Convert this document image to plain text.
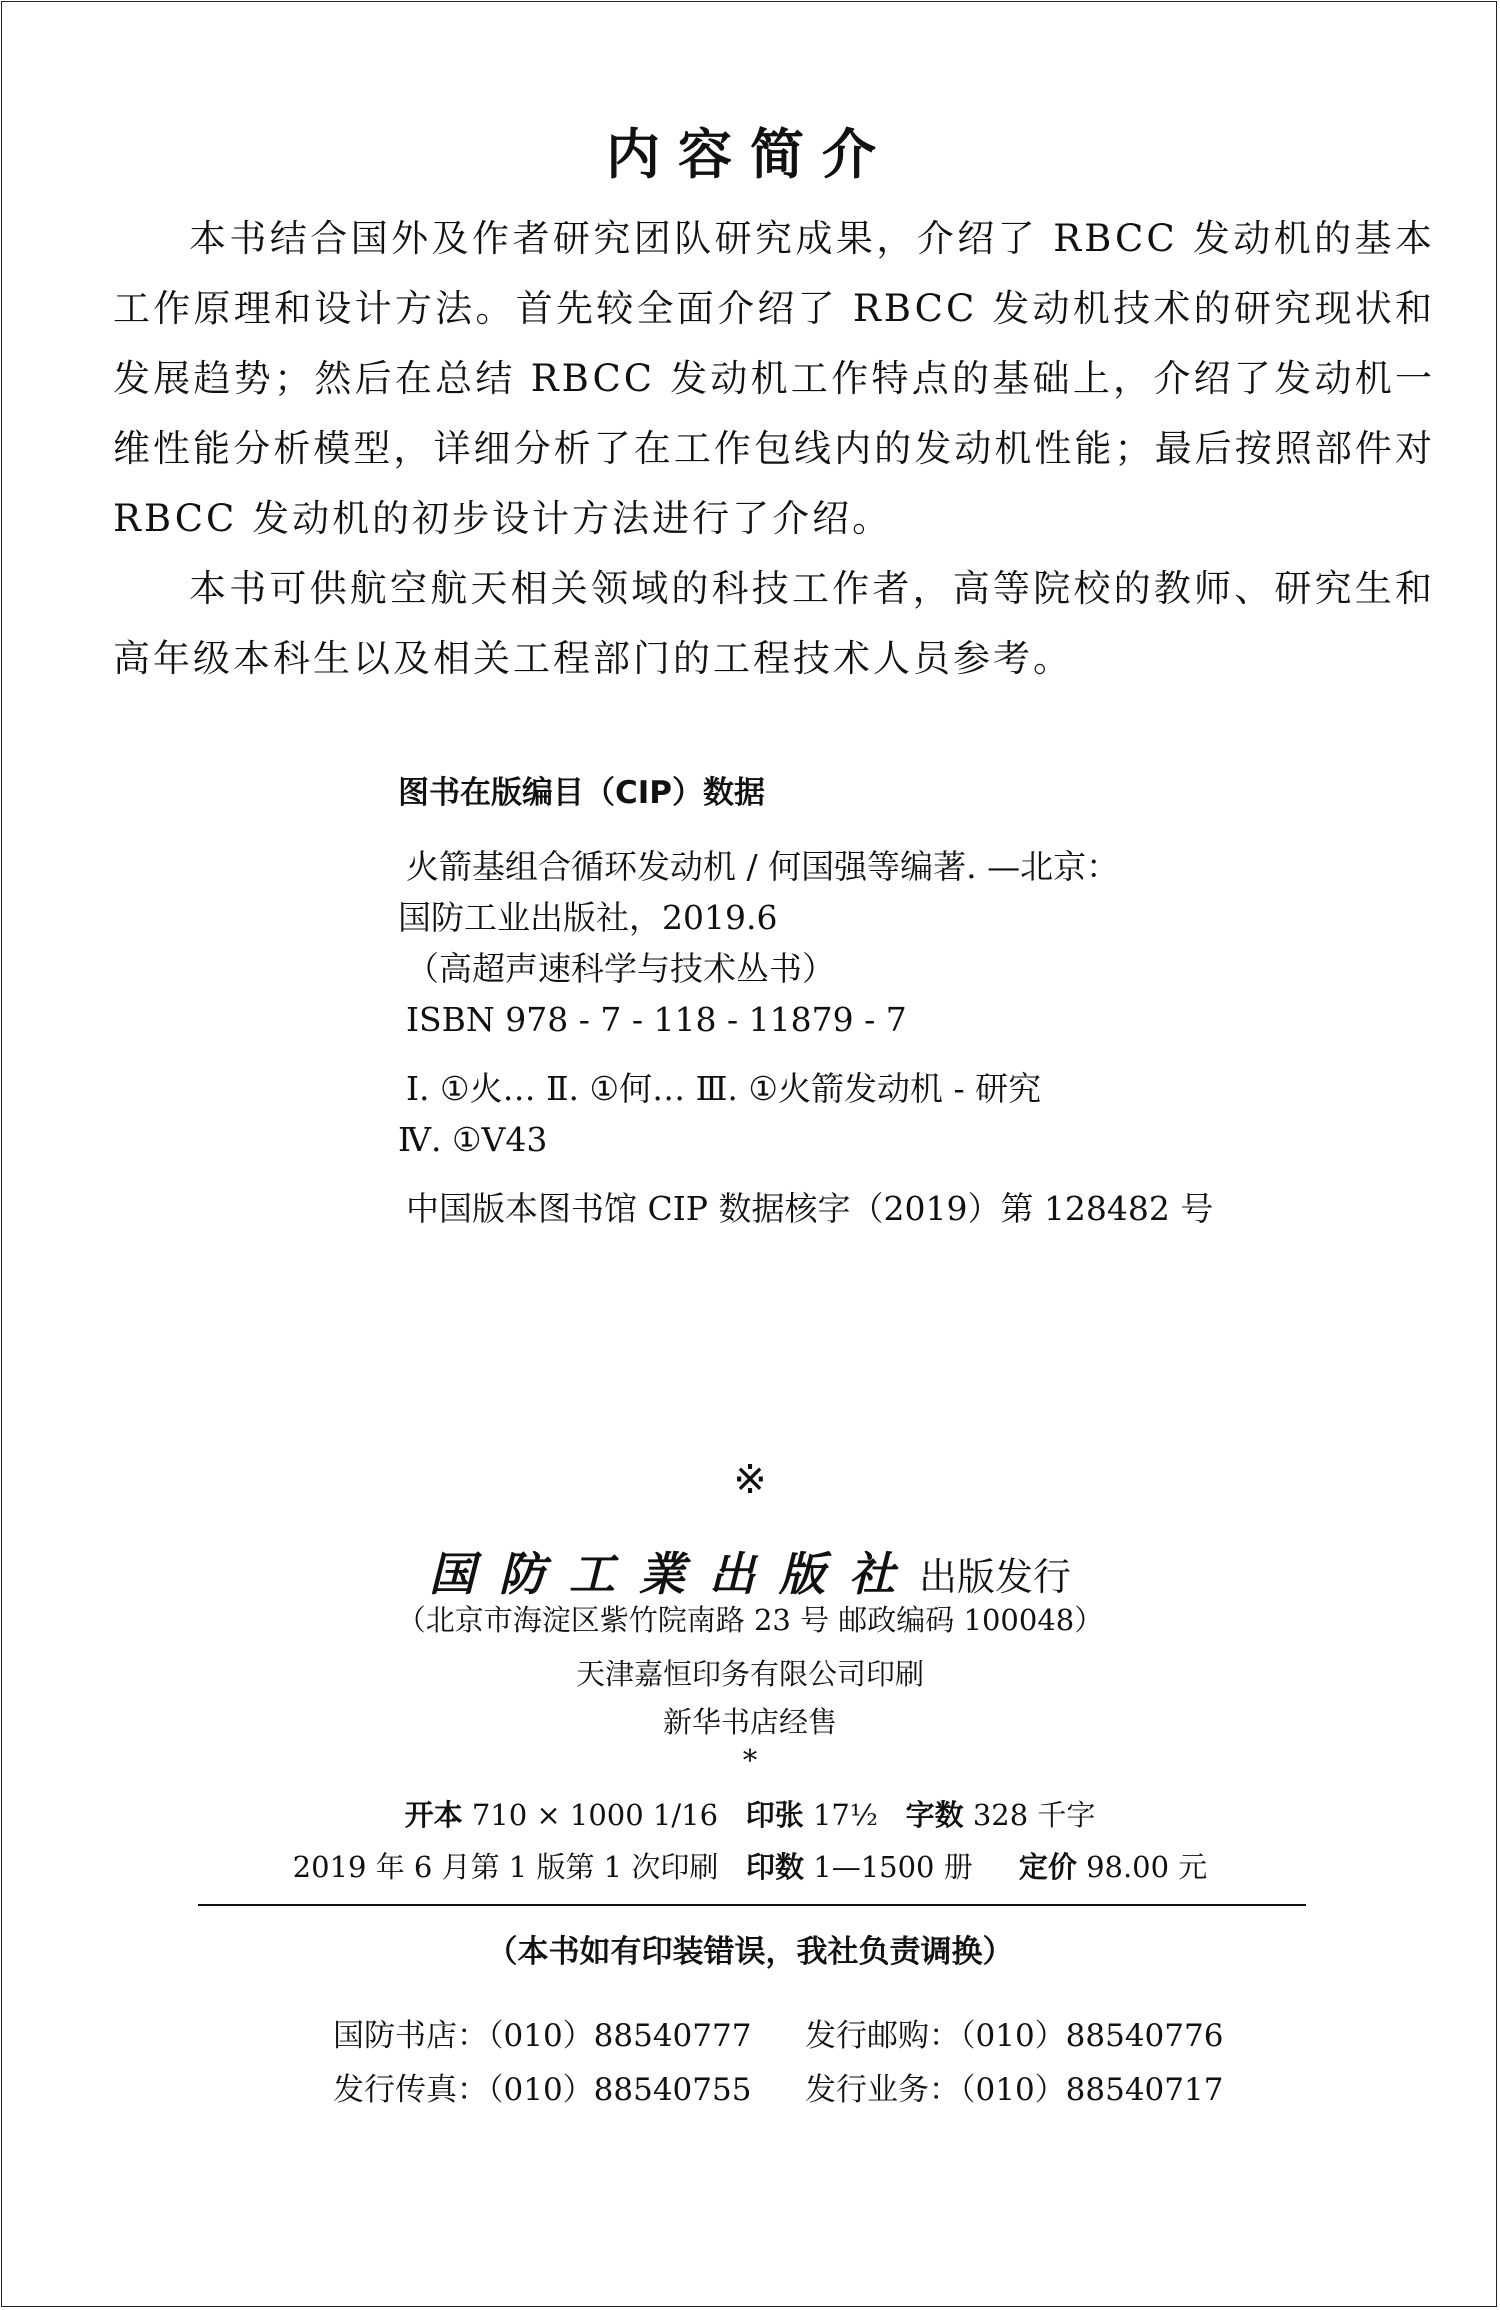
内容简介

本书结合国外及作者研究团队研究成果，介绍了 RBCC 发动机的基本工作原理和设计方法。首先较全面介绍了 RBCC 发动机技术的研究现状和发展趋势；然后在总结 RBCC 发动机工作特点的基础上，介绍了发动机一维性能分析模型，详细分析了在工作包线内的发动机性能；最后按照部件对 RBCC 发动机的初步设计方法进行了介绍。

本书可供航空航天相关领域的科技工作者，高等院校的教师、研究生和高年级本科生以及相关工程部门的工程技术人员参考。

图书在版编目（CIP）数据
火箭基组合循环发动机 / 何国强等编著. —北京：
国防工业出版社，2019.6
（高超声速科学与技术丛书）
ISBN 978 - 7 - 118 - 11879 - 7
Ⅰ. ①火… Ⅱ. ①何… Ⅲ. ①火箭发动机 - 研究
Ⅳ. ①V43
中国版本图书馆 CIP 数据核字（2019）第 128482 号
※
国防工業出版社出版发行
（北京市海淀区紫竹院南路 23 号 邮政编码 100048）
天津嘉恒印务有限公司印刷
新华书店经售
*
开本 710 × 1000 1/16 印张 17½ 字数 328 千字
2019 年 6 月第 1 版第 1 次印刷 印数 1—1500 册 定价 98.00 元
（本书如有印装错误，我社负责调换）
国防书店：（010）88540777 发行邮购：（010）88540776
发行传真：（010）88540755 发行业务：（010）88540717
